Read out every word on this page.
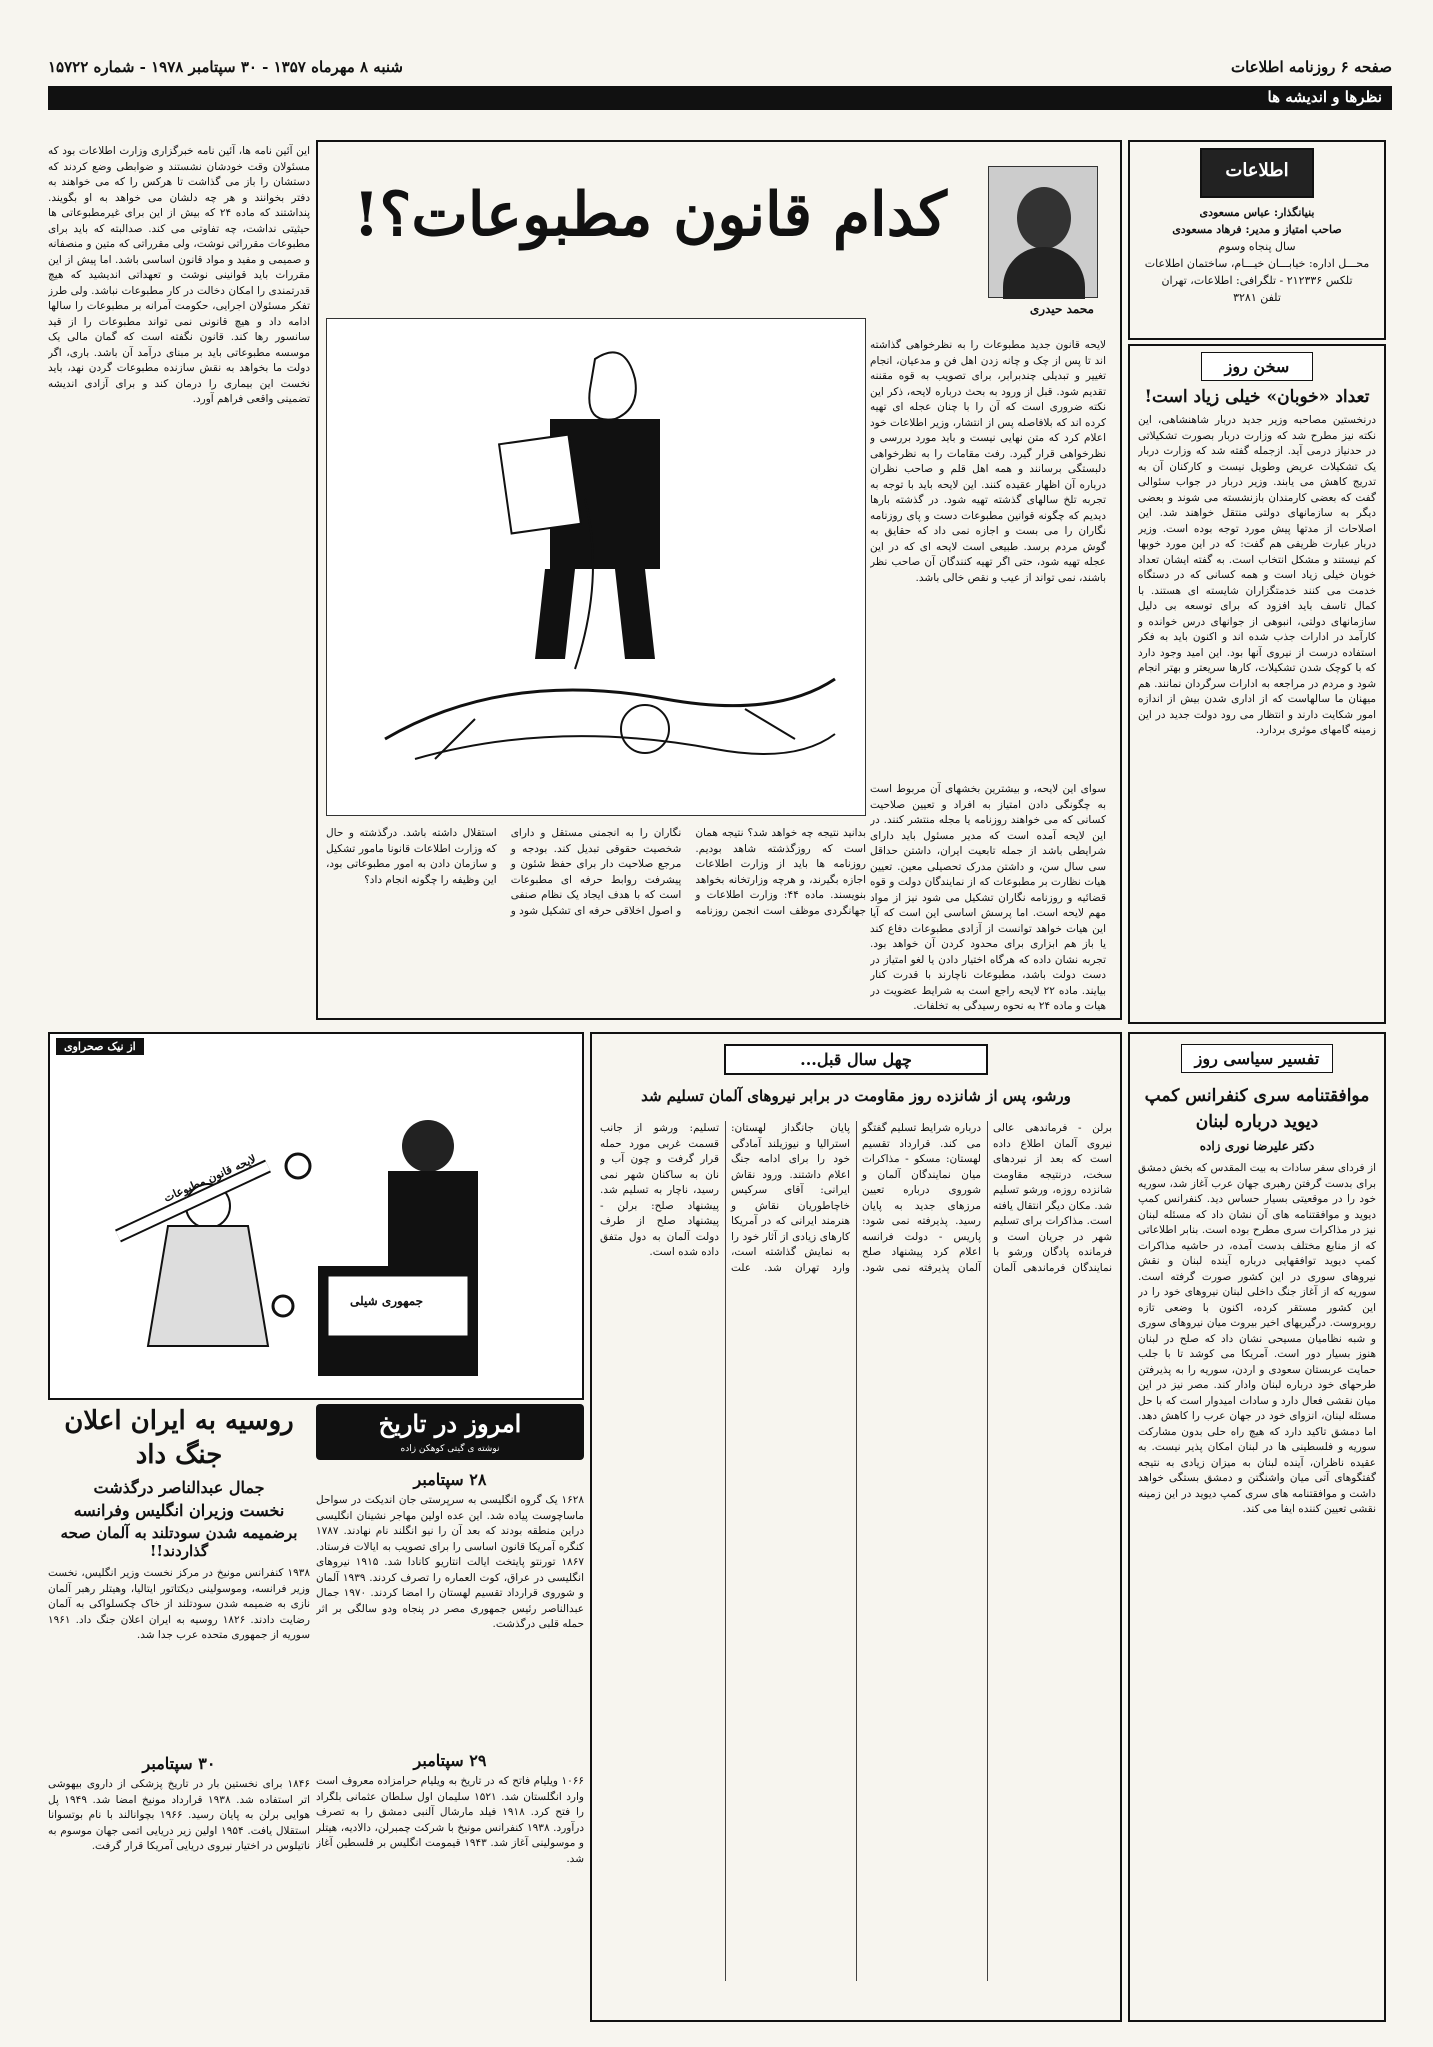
شنبه ۸ مهرماه ۱۳۵۷ - ۳۰ سپتامبر ۱۹۷۸ - شماره ۱۵۷۲۲	صفحه ۶ روزنامه اطلاعات
نظرها و اندیشه ها
اطلاعات
بنیانگذار: عباس مسعودی
صاحب امتیاز و مدیر: فرهاد مسعودی
سال پنجاه وسوم
محـــل اداره: خیابـــان خیـــام، ساختمان اطلاعات
تلکس ۲۱۲۳۳۶ - تلگرافی: اطلاعات، تهران
تلفن ۳۲۸۱
سخن روز
تعداد «خوبان» خیلی زیاد است!
درنخستین مصاحبه وزیر جدید دربار شاهنشاهی، این نکته نیز مطرح شد که وزارت دربار بصورت تشکیلاتی در حدنیاز درمی آید. ازجمله گفته شد که وزارت دربار یک تشکیلات عریض وطویل نیست و کارکنان آن به تدریج کاهش می یابند. وزیر دربار در جواب سئوالی گفت که بعضی کارمندان بازنشسته می شوند و بعضی دیگر به سازمانهای دولتی منتقل خواهند شد. این اصلاحات از مدتها پیش مورد توجه بوده است. وزیر دربار عبارت ظریفی هم گفت: که در این مورد خوبها کم نیستند و مشکل انتخاب است. به گفته ایشان تعداد خوبان خیلی زیاد است و همه کسانی که در دستگاه خدمت می کنند خدمتگزاران شایسته ای هستند. با کمال تاسف باید افزود که برای توسعه بی دلیل سازمانهای دولتی، انبوهی از جوانهای درس خوانده و کارآمد در ادارات جذب شده اند و اکنون باید به فکر استفاده درست از نیروی آنها بود. این امید وجود دارد که با کوچک شدن تشکیلات، کارها سریعتر و بهتر انجام شود و مردم در مراجعه به ادارات سرگردان نمانند. هم میهنان ما سالهاست که از اداری شدن بیش از اندازه امور شکایت دارند و انتظار می رود دولت جدید در این زمینه گامهای موثری بردارد.
تفسیر سیاسی روز
موافقتنامه سری کنفرانس کمپ دیوید درباره لبنان
دکتر علیرضا نوری زاده
از فردای سفر سادات به بیت المقدس که بخش دمشق برای بدست گرفتن رهبری جهان عرب آغاز شد، سوریه خود را در موقعیتی بسیار حساس دید. کنفرانس کمپ دیوید و موافقتنامه های آن نشان داد که مسئله لبنان نیز در مذاکرات سری مطرح بوده است. بنابر اطلاعاتی که از منابع مختلف بدست آمده، در حاشیه مذاکرات کمپ دیوید توافقهایی درباره آینده لبنان و نقش نیروهای سوری در این کشور صورت گرفته است. سوریه که از آغاز جنگ داخلی لبنان نیروهای خود را در این کشور مستقر کرده، اکنون با وضعی تازه روبروست. درگیریهای اخیر بیروت میان نیروهای سوری و شبه نظامیان مسیحی نشان داد که صلح در لبنان هنوز بسیار دور است. آمریکا می کوشد تا با جلب حمایت عربستان سعودی و اردن، سوریه را به پذیرفتن طرحهای خود درباره لبنان وادار کند. مصر نیز در این میان نقشی فعال دارد و سادات امیدوار است که با حل مسئله لبنان، انزوای خود در جهان عرب را کاهش دهد. اما دمشق تاکید دارد که هیچ راه حلی بدون مشارکت سوریه و فلسطینی ها در لبنان امکان پذیر نیست. به عقیده ناظران، آینده لبنان به میزان زیادی به نتیجه گفتگوهای آتی میان واشنگتن و دمشق بستگی خواهد داشت و موافقتنامه های سری کمپ دیوید در این زمینه نقشی تعیین کننده ایفا می کند.
محمد حیدری
کدام قانون مطبوعات؟!
لایحه قانون جدید مطبوعات را به نظرخواهی گذاشته اند تا پس از چک و چانه زدن اهل فن و مدعیان، انجام تغییر و تبدیلی چندبرابر، برای تصویب به قوه مقننه تقدیم شود. قبل از ورود به بحث درباره لایحه، ذکر این نکته ضروری است که آن را با چنان عجله ای تهیه کرده اند که بلافاصله پس از انتشار، وزیر اطلاعات خود اعلام کرد که متن نهایی نیست و باید مورد بررسی و نظرخواهی قرار گیرد. رفت مقامات را به نظرخواهی دلبستگی برسانند و همه اهل قلم و صاحب نظران درباره آن اظهار عقیده کنند. این لایحه باید با توجه به تجربه تلخ سالهای گذشته تهیه شود. در گذشته بارها دیدیم که چگونه قوانین مطبوعات دست و پای روزنامه نگاران را می بست و اجازه نمی داد که حقایق به گوش مردم برسد. طبیعی است لایحه ای که در این عجله تهیه شود، حتی اگر تهیه کنندگان آن صاحب نظر باشند، نمی تواند از عیب و نقص خالی باشد.
سوای این لایحه، و بیشترین بخشهای آن مربوط است به چگونگی دادن امتیاز به افراد و تعیین صلاحیت کسانی که می خواهند روزنامه یا مجله منتشر کنند. در این لایحه آمده است که مدیر مسئول باید دارای شرایطی باشد از جمله تابعیت ایران، داشتن حداقل سی سال سن، و داشتن مدرک تحصیلی معین. تعیین هیات نظارت بر مطبوعات که از نمایندگان دولت و قوه قضائیه و روزنامه نگاران تشکیل می شود نیز از مواد مهم لایحه است. اما پرسش اساسی این است که آیا این هیات خواهد توانست از آزادی مطبوعات دفاع کند یا باز هم ابزاری برای محدود کردن آن خواهد بود. تجربه نشان داده که هرگاه اختیار دادن یا لغو امتیاز در دست دولت باشد، مطبوعات ناچارند با قدرت کنار بیایند. ماده ۲۲ لایحه راجع است به شرایط عضویت در هیات و ماده ۲۴ به نحوه رسیدگی به تخلفات.
بدانید نتیجه چه خواهد شد؟ نتیجه همان است که روزگذشته شاهد بودیم. روزنامه ها باید از وزارت اطلاعات اجازه بگیرند، و هرچه وزارتخانه بخواهد بنویسند. ماده ۴۴: وزارت اطلاعات و جهانگردی موظف است انجمن روزنامه نگاران را به انجمنی مستقل و دارای شخصیت حقوقی تبدیل کند. بودجه و مرجع صلاحیت دار برای حفظ شئون و پیشرفت روابط حرفه ای مطبوعات است که با هدف ایجاد یک نظام صنفی و اصول اخلاقی حرفه ای تشکیل شود و استقلال داشته باشد. درگذشته و حال که وزارت اطلاعات قانونا مامور تشکیل و سازمان دادن به امور مطبوعاتی بود، این وظیفه را چگونه انجام داد؟
این آئین نامه ها، آئین نامه خبرگزاری وزارت اطلاعات بود که مسئولان وقت خودشان نشستند و ضوابطی وضع کردند که دستشان را باز می گذاشت تا هرکس را که می خواهند به دفتر بخوانند و هر چه دلشان می خواهد به او بگویند. پنداشتند که ماده ۲۴ که بیش از این برای غیرمطبوعاتی ها حیثیتی نداشت، چه تفاوتی می کند. صدالبته که باید برای مطبوعات مقرراتی نوشت، ولی مقرراتی که متین و منصفانه و صمیمی و مفید و مواد قانون اساسی باشد. اما پیش از این مقررات باید قوانینی نوشت و تعهداتی اندیشید که هیچ قدرتمندی را امکان دخالت در کار مطبوعات نباشد. ولی طرز تفکر مسئولان اجرایی، حکومت آمرانه بر مطبوعات را سالها ادامه داد و هیچ قانونی نمی تواند مطبوعات را از قید سانسور رها کند. قانون نگفته است که گمان مالی یک موسسه مطبوعاتی باید بر مبنای درآمد آن باشد. باری، اگر دولت ما بخواهد به نقش سازنده مطبوعات گردن نهد، باید نخست این بیماری را درمان کند و برای آزادی اندیشه تضمینی واقعی فراهم آورد.
چهل سال قبل...
ورشو، پس از شانزده روز مقاومت در برابر نیروهای آلمان تسلیم شد
برلن - فرماندهی عالی نیروی آلمان اطلاع داده است که بعد از نبردهای سخت، درنتیجه مقاومت شانزده روزه، ورشو تسلیم شد. مکان دیگر انتقال یافته است. مذاکرات برای تسلیم شهر در جریان است و فرمانده پادگان ورشو با نمایندگان فرماندهی آلمان درباره شرایط تسلیم گفتگو می کند. قرارداد تقسیم لهستان: مسکو - مذاکرات میان نمایندگان آلمان و شوروی درباره تعیین مرزهای جدید به پایان رسید. پذیرفته نمی شود: پاریس - دولت فرانسه اعلام کرد پیشنهاد صلح آلمان پذیرفته نمی شود. پایان جانگداز لهستان: استرالیا و نیوزیلند آمادگی خود را برای ادامه جنگ اعلام داشتند. ورود نقاش ایرانی: آقای سرکیس خاچاطوریان نقاش و هنرمند ایرانی که در آمریکا کارهای زیادی از آثار خود را به نمایش گذاشته است، وارد تهران شد. علت تسلیم: ورشو از جانب قسمت غربی مورد حمله قرار گرفت و چون آب و نان به ساکنان شهر نمی رسید، ناچار به تسلیم شد. پیشنهاد صلح: برلن - پیشنهاد صلح از طرف دولت آلمان به دول متفق داده شده است.
از نیک صحراوی
لایحه قانون مطبوعات
جمهوری شیلی
امروز در تاریخ
نوشته ی گیتی کوهکن زاده
۲۸ سپتامبر
۱۶۲۸ یک گروه انگلیسی به سرپرستی جان اندیکت در سواحل ماساچوست پیاده شد. این عده اولین مهاجر نشینان انگلیسی دراین منطقه بودند که بعد آن را نیو انگلند نام نهادند. ۱۷۸۷ کنگره آمریکا قانون اساسی را برای تصویب به ایالات فرستاد. ۱۸۶۷ تورنتو پایتخت ایالت انتاریو کانادا شد. ۱۹۱۵ نیروهای انگلیسی در عراق، کوت العماره را تصرف کردند. ۱۹۳۹ آلمان و شوروی قرارداد تقسیم لهستان را امضا کردند. ۱۹۷۰ جمال عبدالناصر رئیس جمهوری مصر در پنجاه ودو سالگی بر اثر حمله قلبی درگذشت.
۲۹ سپتامبر
۱۰۶۶ ویلیام فاتح که در تاریخ به ویلیام حرامزاده معروف است وارد انگلستان شد. ۱۵۲۱ سلیمان اول سلطان عثمانی بلگراد را فتح کرد. ۱۹۱۸ فیلد مارشال آلنبی دمشق را به تصرف درآورد. ۱۹۳۸ کنفرانس مونیخ با شرکت چمبرلن، دالادیه، هیتلر و موسولینی آغاز شد. ۱۹۴۳ قیمومت انگلیس بر فلسطین آغاز شد.
روسیه به ایران اعلان جنگ داد
جمال عبدالناصر درگذشت
نخست وزیران انگلیس وفرانسه
برضمیمه شدن سودتلند به آلمان صحه گذاردند!!
۱۹۳۸ کنفرانس مونیخ در مرکز نخست وزیر انگلیس، نخست وزیر فرانسه، وموسولینی دیکتاتور ایتالیا، وهیتلر رهبر آلمان نازی به ضمیمه شدن سودتلند از خاک چکسلواکی به آلمان رضایت دادند. ۱۸۲۶ روسیه به ایران اعلان جنگ داد. ۱۹۶۱ سوریه از جمهوری متحده عرب جدا شد.
۳۰ سپتامبر
۱۸۴۶ برای نخستین بار در تاریخ پزشکی از داروی بیهوشی اتر استفاده شد. ۱۹۳۸ قرارداد مونیخ امضا شد. ۱۹۴۹ پل هوایی برلن به پایان رسید. ۱۹۶۶ بچوانالند با نام بوتسوانا استقلال یافت. ۱۹۵۴ اولین زیر دریایی اتمی جهان موسوم به ناتیلوس در اختیار نیروی دریایی آمریکا قرار گرفت.
